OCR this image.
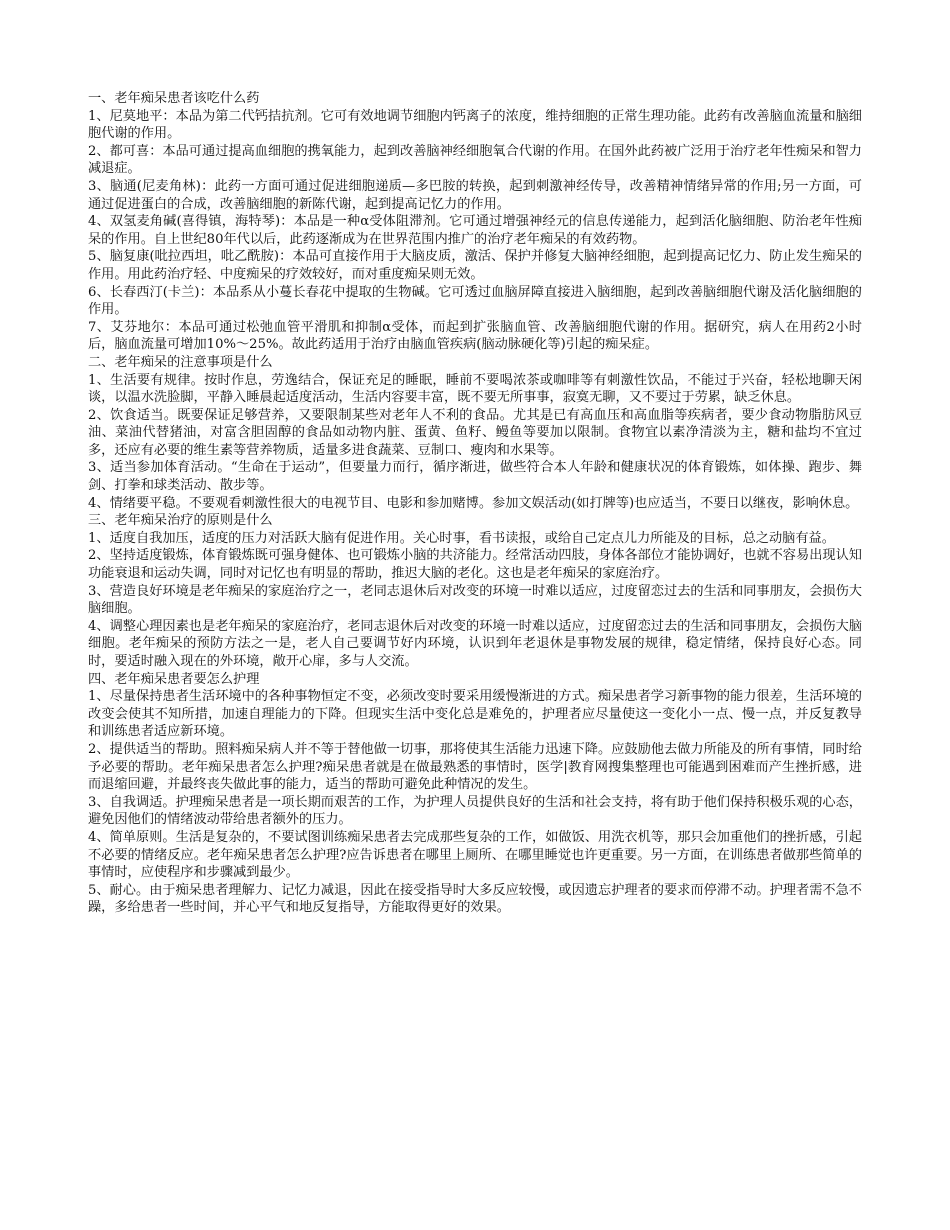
一、老年痴呆患者该吃什么药

1、尼莫地平：本品为第二代钙拮抗剂。它可有效地调节细胞内钙离子的浓度，维持细胞的正常生理功能。此药有改善脑血流量和脑细胞代谢的作用。

2、都可喜：本品可通过提高血细胞的携氧能力，起到改善脑神经细胞氧合代谢的作用。在国外此药被广泛用于治疗老年性痴呆和智力减退症。

3、脑通(尼麦角林)：此药一方面可通过促进细胞递质—多巴胺的转换，起到刺激神经传导，改善精神情绪异常的作用;另一方面，可通过促进蛋白的合成，改善脑细胞的新陈代谢，起到提高记忆力的作用。

4、双氢麦角碱(喜得镇，海特琴)：本品是一种α受体阻滞剂。它可通过增强神经元的信息传递能力，起到活化脑细胞、防治老年性痴呆的作用。自上世纪80年代以后，此药逐渐成为在世界范围内推广的治疗老年痴呆的有效药物。

5、脑复康(吡拉西坦，吡乙酰胺)：本品可直接作用于大脑皮质，激活、保护并修复大脑神经细胞，起到提高记忆力、防止发生痴呆的作用。用此药治疗轻、中度痴呆的疗效较好，而对重度痴呆则无效。

6、长春西汀(卡兰)：本品系从小蔓长春花中提取的生物碱。它可透过血脑屏障直接进入脑细胞，起到改善脑细胞代谢及活化脑细胞的作用。

7、艾芬地尔：本品可通过松弛血管平滑肌和抑制α受体，而起到扩张脑血管、改善脑细胞代谢的作用。据研究，病人在用药2小时后，脑血流量可增加10%～25%。故此药适用于治疗由脑血管疾病(脑动脉硬化等)引起的痴呆症。

二、老年痴呆的注意事项是什么

1、生活要有规律。按时作息，劳逸结合，保证充足的睡眠，睡前不要喝浓茶或咖啡等有刺激性饮品，不能过于兴奋，轻松地聊天闲谈，以温水洗脸脚，平静入睡晨起适度活动，生活内容要丰富，既不要无所事事，寂寞无聊，又不要过于劳累，缺乏休息。

2、饮食适当。既要保证足够营养，又要限制某些对老年人不利的食品。尤其是已有高血压和高血脂等疾病者，要少食动物脂肪风豆油、菜油代替猪油，对富含胆固醇的食品如动物内脏、蛋黄、鱼籽、鳗鱼等要加以限制。食物宜以素净清淡为主，糖和盐均不宜过多，还应有必要的维生素等营养物质，适量多进食蔬菜、豆制口、瘦肉和水果等。

3、适当参加体育活动。“生命在于运动”，但要量力而行，循序渐进，做些符合本人年龄和健康状况的体育锻炼，如体操、跑步、舞剑、打拳和球类活动、散步等。

4、情绪要平稳。不要观看刺激性很大的电视节目、电影和参加赌博。参加文娱活动(如打牌等)也应适当，不要日以继夜，影响休息。

三、老年痴呆治疗的原则是什么

1、适度自我加压，适度的压力对活跃大脑有促进作用。关心时事，看书读报，或给自己定点儿力所能及的目标，总之动脑有益。

2、坚持适度锻炼，体育锻炼既可强身健体、也可锻炼小脑的共济能力。经常活动四肢，身体各部位才能协调好，也就不容易出现认知功能衰退和运动失调，同时对记忆也有明显的帮助，推迟大脑的老化。这也是老年痴呆的家庭治疗。

3、营造良好环境是老年痴呆的家庭治疗之一，老同志退休后对改变的环境一时难以适应，过度留恋过去的生活和同事朋友，会损伤大脑细胞。

4、调整心理因素也是老年痴呆的家庭治疗，老同志退休后对改变的环境一时难以适应，过度留恋过去的生活和同事朋友，会损伤大脑细胞。老年痴呆的预防方法之一是，老人自己要调节好内环境，认识到年老退休是事物发展的规律，稳定情绪，保持良好心态。同时，要适时融入现在的外环境，敞开心扉，多与人交流。

四、老年痴呆患者要怎么护理

1、尽量保持患者生活环境中的各种事物恒定不变，必须改变时要采用缓慢渐进的方式。痴呆患者学习新事物的能力很差，生活环境的改变会使其不知所措，加速自理能力的下降。但现实生活中变化总是难免的，护理者应尽量使这一变化小一点、慢一点，并反复教导和训练患者适应新环境。

2、提供适当的帮助。照料痴呆病人并不等于替他做一切事，那将使其生活能力迅速下降。应鼓励他去做力所能及的所有事情，同时给予必要的帮助。老年痴呆患者怎么护理?痴呆患者就是在做最熟悉的事情时，医学|教育网搜集整理也可能遇到困难而产生挫折感，进而退缩回避，并最终丧失做此事的能力，适当的帮助可避免此种情况的发生。

3、自我调适。护理痴呆患者是一项长期而艰苦的工作，为护理人员提供良好的生活和社会支持，将有助于他们保持积极乐观的心态，避免因他们的情绪波动带给患者额外的压力。

4、简单原则。生活是复杂的，不要试图训练痴呆患者去完成那些复杂的工作，如做饭、用洗衣机等，那只会加重他们的挫折感，引起不必要的情绪反应。老年痴呆患者怎么护理?应告诉患者在哪里上厕所、在哪里睡觉也许更重要。另一方面，在训练患者做那些简单的事情时，应使程序和步骤减到最少。

5、耐心。由于痴呆患者理解力、记忆力减退，因此在接受指导时大多反应较慢，或因遗忘护理者的要求而停滞不动。护理者需不急不躁，多给患者一些时间，并心平气和地反复指导，方能取得更好的效果。
